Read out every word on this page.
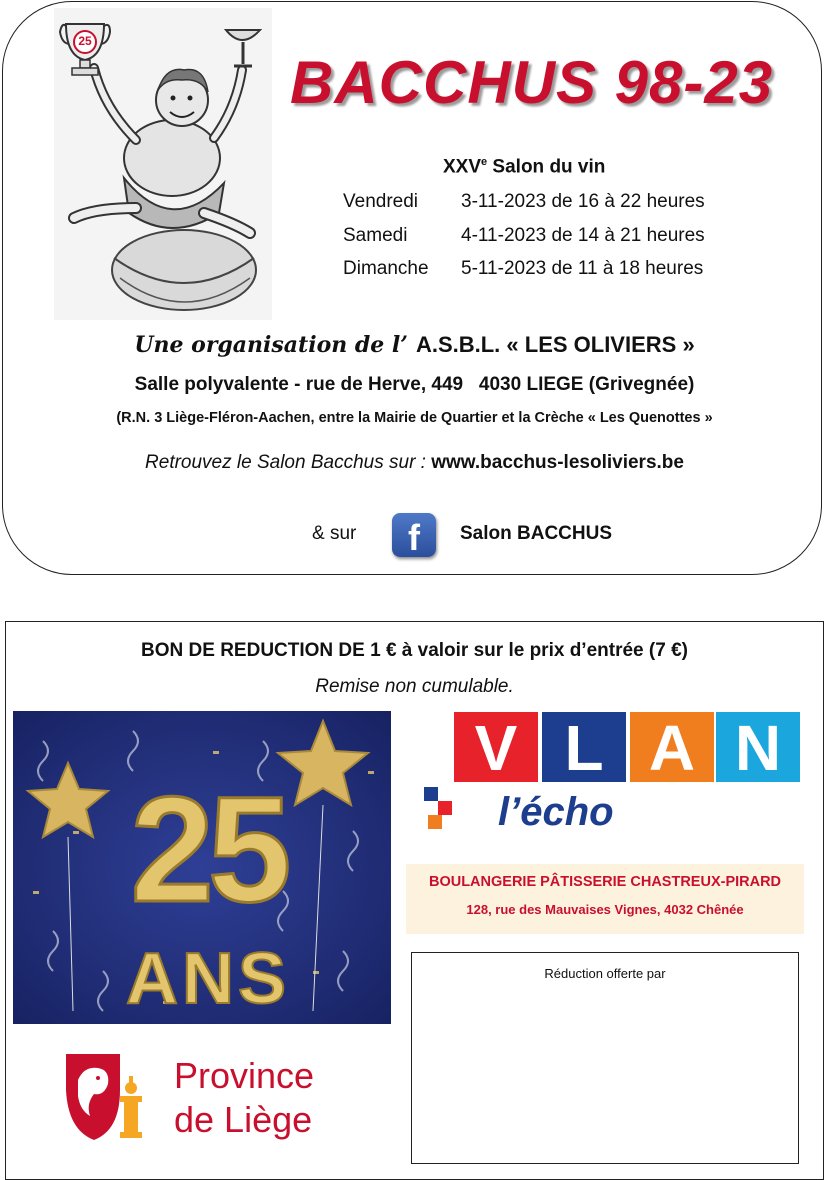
25
BACCHUS 98-23
XXVe Salon du vin
Vendredi 3-11-2023 de 16 à 22 heures
Samedi	4-11-2023 de 14 à 21 heures
Dimanche 5-11-2023 de 11 à 18 heures
Une organisation de l’ A.S.B.L. « LES OLIVIERS »
Salle polyvalente - rue de Herve, 449   4030 LIEGE (Grivegnée)
(R.N. 3 Liège-Fléron-Aachen, entre la Mairie de Quartier et la Crèche « Les Quenottes »
Retrouvez le Salon Bacchus sur : www.bacchus-lesoliviers.be
& sur	f	Salon BACCHUS
BON DE REDUCTION DE 1 € à valoir sur le prix d’entrée (7 €)
Remise non cumulable.
25
ANS
V L A N
l’écho
BOULANGERIE PÂTISSERIE CHASTREUX-PIRARD
128, rue des Mauvaises Vignes, 4032 Chênée
Réduction offerte par
Province
de Liège
